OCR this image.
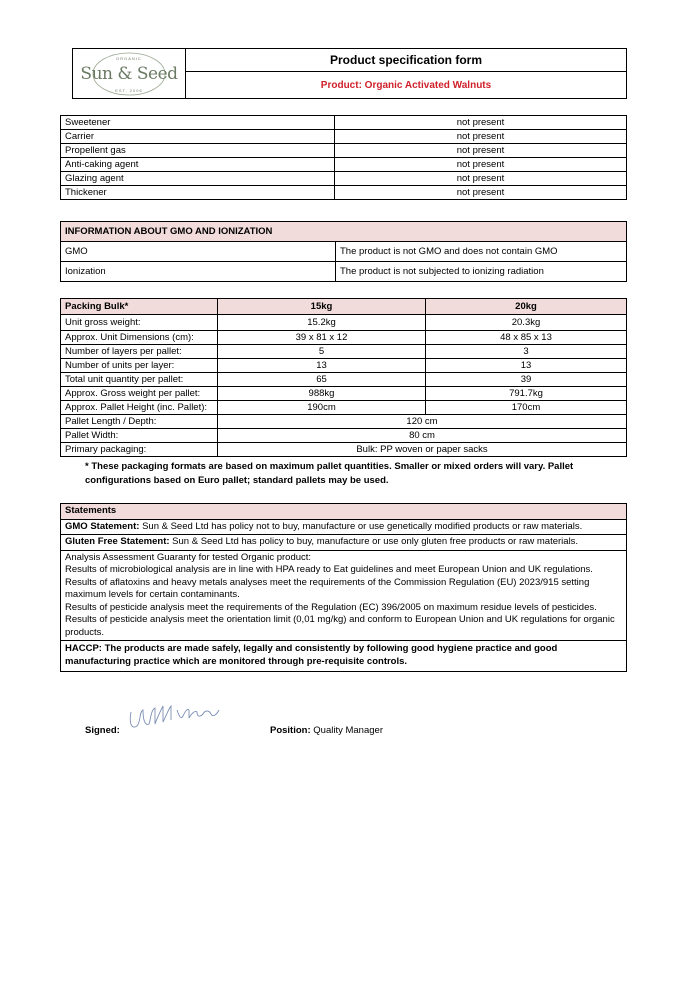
ORGANIC
Sun & Seed
EST. 2006
	Product specification form
Product: Organic Activated Walnuts
Sweetener	not present
Carrier	not present
Propellent gas	not present
Anti-caking agent	not present
Glazing agent	not present
Thickener	not present
INFORMATION ABOUT GMO AND IONIZATION	
GMO	The product is not GMO and does not contain GMO
Ionization	The product is not subjected to ionizing radiation
Packing Bulk*	15kg	20kg
Unit gross weight:	15.2kg	20.3kg
Approx. Unit Dimensions (cm):	39 x 81 x 12	48 x 85 x 13
Number of layers per pallet:	5	3
Number of units per layer:	13	13
Total unit quantity per pallet:	65	39
Approx. Gross weight per pallet:	988kg	791.7kg
Approx. Pallet Height (inc. Pallet):	190cm	170cm
Pallet Length / Depth:	120 cm	
Pallet Width:	80 cm	
Primary packaging:	Bulk: PP woven or paper sacks	
* These packaging formats are based on maximum pallet quantities. Smaller or mixed orders will vary. Pallet configurations based on Euro pallet; standard pallets may be used.
Statements
GMO Statement: Sun & Seed Ltd has policy not to buy, manufacture or use genetically modified products or raw materials.
Gluten Free Statement: Sun & Seed Ltd has policy to buy, manufacture or use only gluten free products or raw materials.

Analysis Assessment Guaranty for tested Organic product:
Results of microbiological analysis are in line with HPA ready to Eat guidelines and meet European Union and UK regulations.
Results of aflatoxins and heavy metals analyses meet the requirements of the Commission Regulation (EU) 2023/915 setting maximum levels for certain contaminants.
Results of pesticide analysis meet the requirements of the Regulation (EC) 396/2005 on maximum residue levels of pesticides.
Results of pesticide analysis meet the orientation limit (0,01 mg/kg) and conform to European Union and UK regulations for organic products.

HACCP: The products are made safely, legally and consistently by following good hygiene practice and good manufacturing practice which are monitored through pre-requisite controls.
Signed:	Position: Quality Manager
